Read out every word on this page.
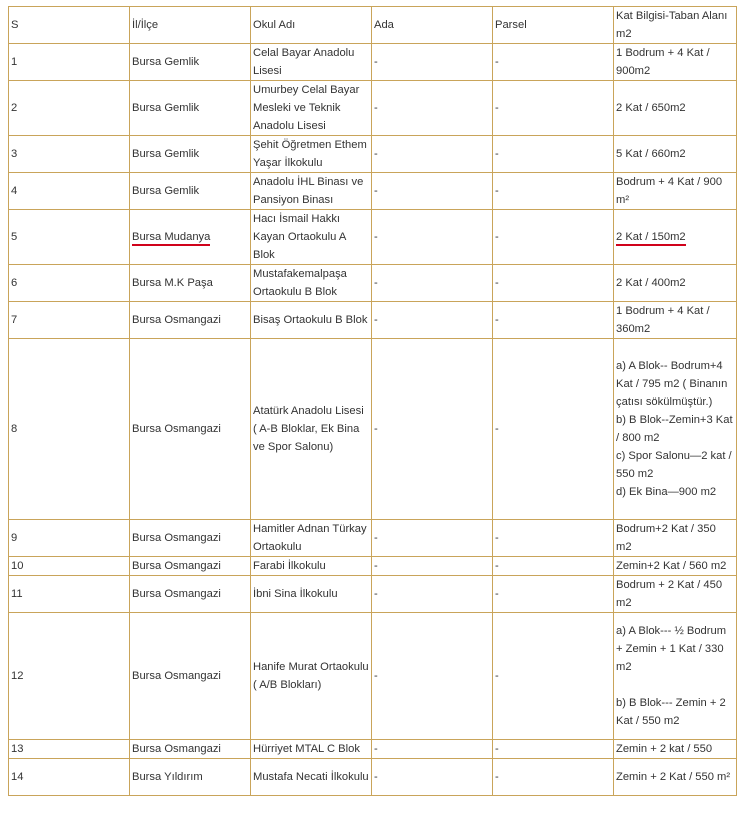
S	İl/İlçe	Okul Adı	Ada	Parsel	Kat Bilgisi-Taban Alanı m2
1	Bursa Gemlik	Celal Bayar Anadolu Lisesi	-	-	1 Bodrum + 4 Kat / 900m2
2	Bursa Gemlik	Umurbey Celal Bayar Mesleki ve Teknik Anadolu Lisesi	-	-	2 Kat / 650m2
3	Bursa Gemlik	Şehit Öğretmen Ethem Yaşar İlkokulu	-	-	5 Kat / 660m2
4	Bursa Gemlik	Anadolu İHL Binası ve Pansiyon Binası	-	-	Bodrum + 4 Kat / 900 m²
5	Bursa Mudanya	Hacı İsmail Hakkı Kayan Ortaokulu A Blok	-	-	2 Kat / 150m2
6	Bursa M.K Paşa	Mustafakemalpaşa Ortaokulu B Blok	-	-	2 Kat / 400m2
7	Bursa Osmangazi	Bisaş Ortaokulu B Blok	-	-	1 Bodrum + 4 Kat / 360m2
8	Bursa Osmangazi	Atatürk Anadolu Lisesi ( A-B Bloklar, Ek Bina ve Spor Salonu)	-	-	a) A Blok-- Bodrum+4 Kat / 795 m2 ( Binanın çatısı sökülmüştür.)
b) B Blok--Zemin+3 Kat / 800 m2
c) Spor Salonu—2 kat / 550 m2
d) Ek Bina—900 m2
9	Bursa Osmangazi	Hamitler Adnan Türkay Ortaokulu	-	-	Bodrum+2 Kat / 350 m2
10	Bursa Osmangazi	Farabi İlkokulu	-	-	Zemin+2 Kat / 560 m2
11	Bursa Osmangazi	İbni Sina İlkokulu	-	-	Bodrum + 2 Kat / 450 m2
12	Bursa Osmangazi	Hanife Murat Ortaokulu ( A/B Blokları)	-	-	a) A Blok--- ½ Bodrum + Zemin + 1 Kat / 330 m2

b) B Blok--- Zemin + 2 Kat / 550 m2
13	Bursa Osmangazi	Hürriyet MTAL C Blok	-	-	Zemin + 2 kat / 550
14	Bursa Yıldırım	Mustafa Necati İlkokulu	-	-	Zemin + 2 Kat / 550 m²
